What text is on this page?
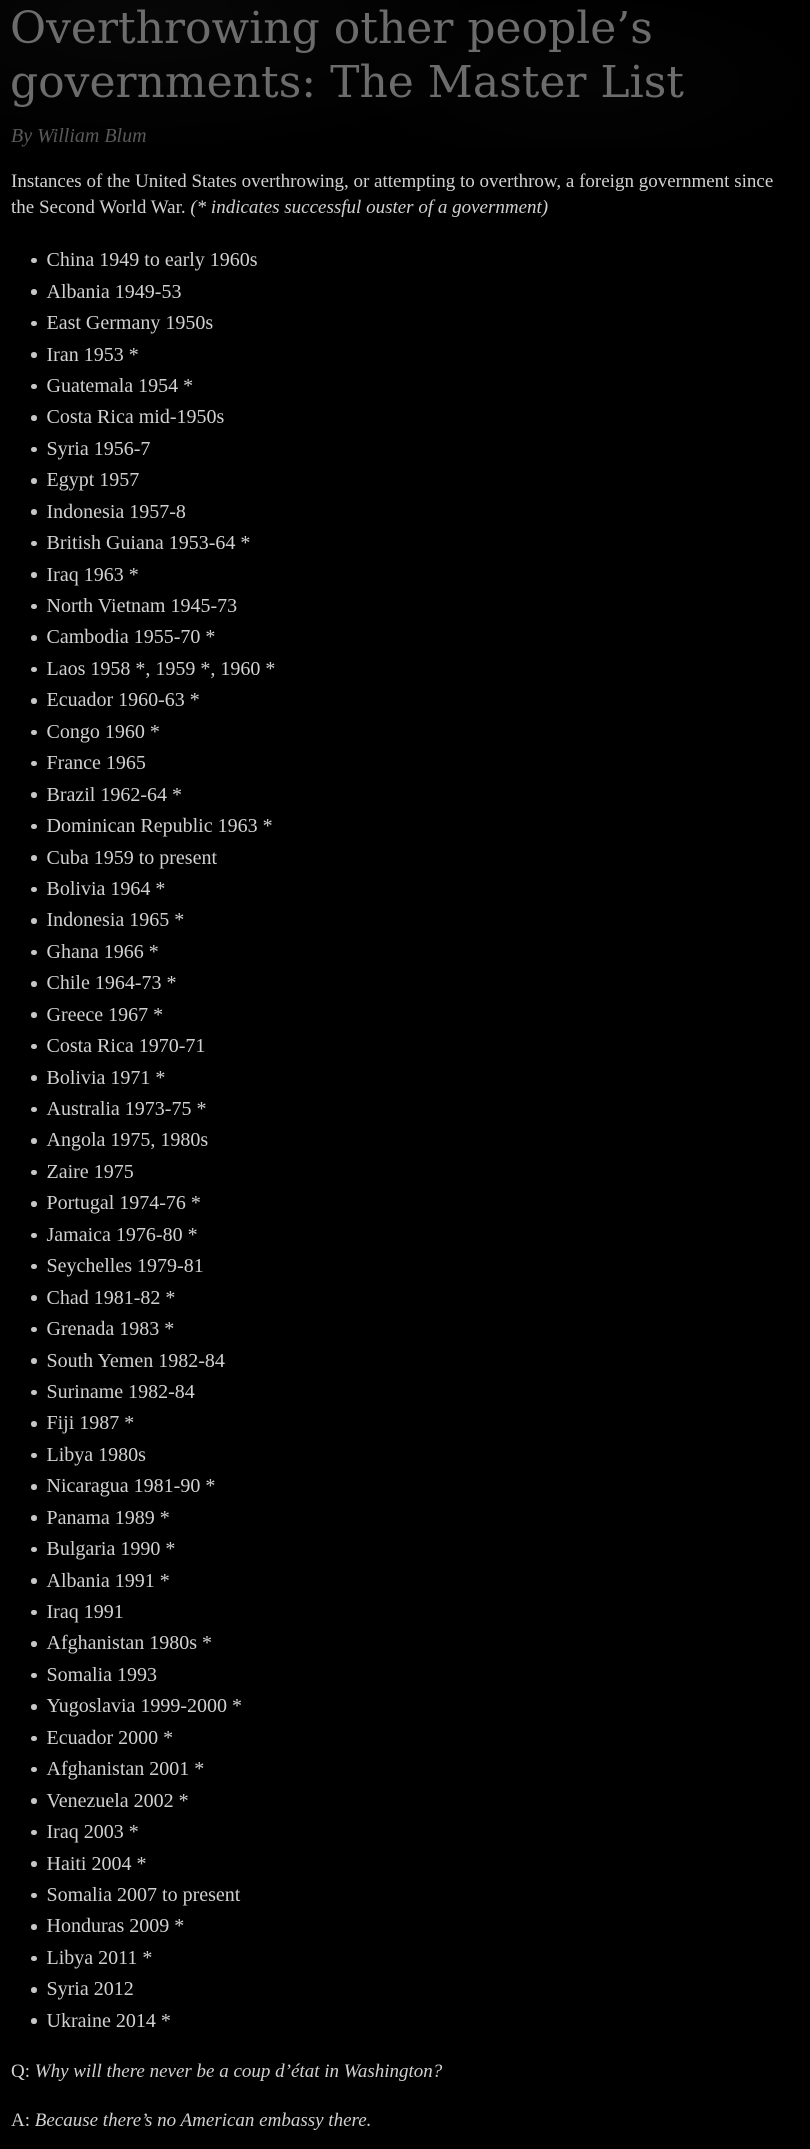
Overthrowing other people’s governments: The Master List

By William Blum

Instances of the United States overthrowing, or attempting to overthrow, a foreign government since the Second World War. (* indicates successful ouster of a government)

China 1949 to early 1960s
Albania 1949-53
East Germany 1950s
Iran 1953 *
Guatemala 1954 *
Costa Rica mid-1950s
Syria 1956-7
Egypt 1957
Indonesia 1957-8
British Guiana 1953-64 *
Iraq 1963 *
North Vietnam 1945-73
Cambodia 1955-70 *
Laos 1958 *, 1959 *, 1960 *
Ecuador 1960-63 *
Congo 1960 *
France 1965
Brazil 1962-64 *
Dominican Republic 1963 *
Cuba 1959 to present
Bolivia 1964 *
Indonesia 1965 *
Ghana 1966 *
Chile 1964-73 *
Greece 1967 *
Costa Rica 1970-71
Bolivia 1971 *
Australia 1973-75 *
Angola 1975, 1980s
Zaire 1975
Portugal 1974-76 *
Jamaica 1976-80 *
Seychelles 1979-81
Chad 1981-82 *
Grenada 1983 *
South Yemen 1982-84
Suriname 1982-84
Fiji 1987 *
Libya 1980s
Nicaragua 1981-90 *
Panama 1989 *
Bulgaria 1990 *
Albania 1991 *
Iraq 1991
Afghanistan 1980s *
Somalia 1993
Yugoslavia 1999-2000 *
Ecuador 2000 *
Afghanistan 2001 *
Venezuela 2002 *
Iraq 2003 *
Haiti 2004 *
Somalia 2007 to present
Honduras 2009 *
Libya 2011 *
Syria 2012
Ukraine 2014 *

Q: Why will there never be a coup d’état in Washington?

A: Because there’s no American embassy there.
